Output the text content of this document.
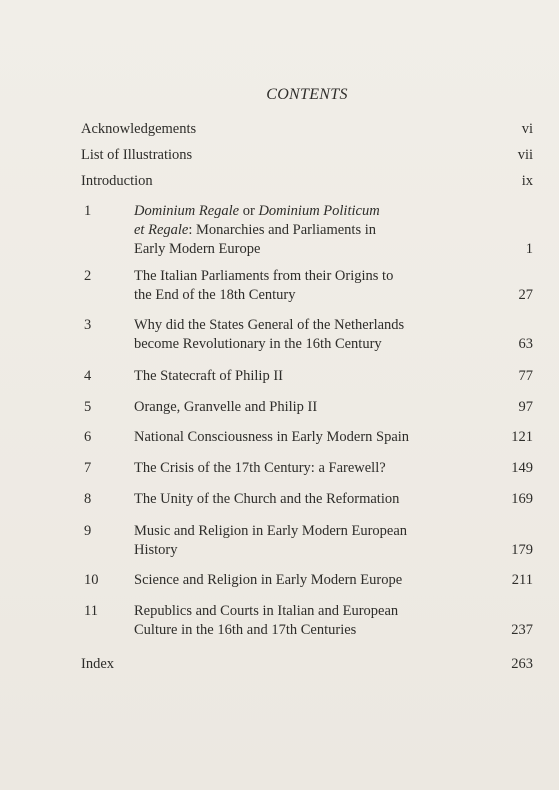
CONTENTS
Acknowledgements	vi
List of Illustrations	vii
Introduction	ix
1	Dominium Regale or Dominium Politicum
et Regale: Monarchies and Parliaments in
Early Modern Europe	1
2	The Italian Parliaments from their Origins to
the End of the 18th Century	27
3	Why did the States General of the Netherlands
become Revolutionary in the 16th Century	63
4	The Statecraft of Philip II	77
5	Orange, Granvelle and Philip II	97
6	National Consciousness in Early Modern Spain	121
7	The Crisis of the 17th Century: a Farewell?	149
8	The Unity of the Church and the Reformation	169
9	Music and Religion in Early Modern European
History	179
10 Science and Religion in Early Modern Europe	211
11 Republics and Courts in Italian and European
Culture in the 16th and 17th Centuries	237
Index	263
